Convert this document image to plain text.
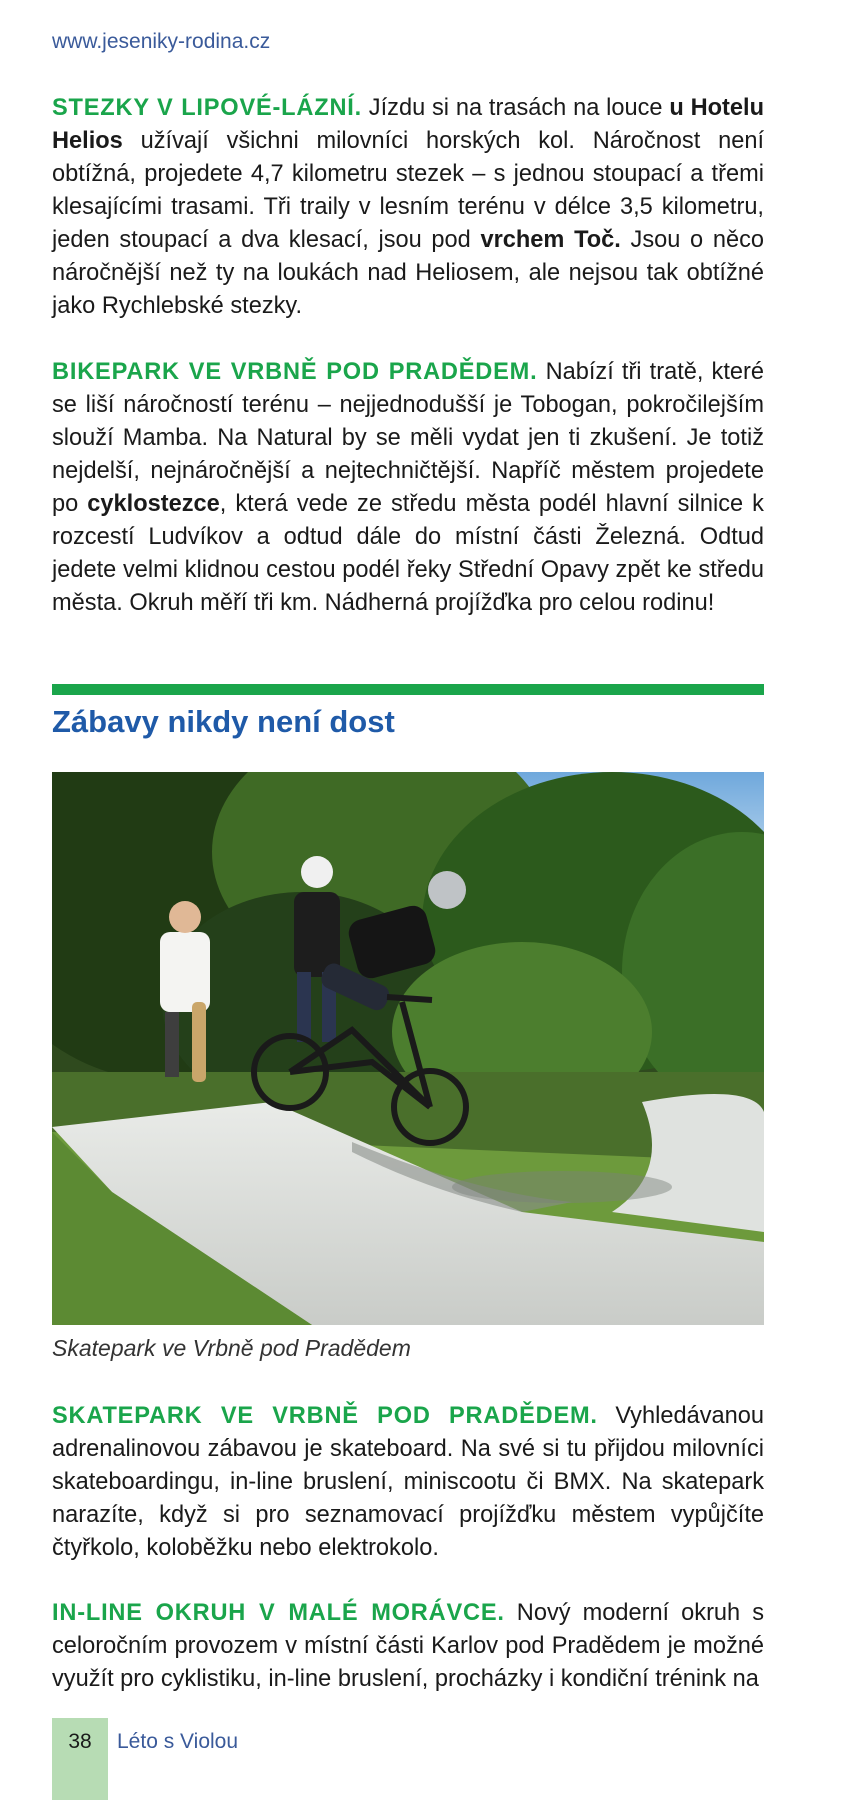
www.jeseniky-rodina.cz

STEZKY V LIPOVÉ-LÁZNÍ. Jízdu si na trasách na louce u Hotelu Helios užívají všichni milovníci horských kol. Náročnost není obtížná, projedete 4,7 kilometru stezek – s jednou stoupací a třemi klesajícími trasami. Tři traily v lesním terénu v délce 3,5 kilometru, jeden stoupací a dva klesací, jsou pod vrchem Toč. Jsou o něco náročnější než ty na loukách nad Heliosem, ale nejsou tak obtížné jako Rychlebské stezky.

BIKEPARK VE VRBNĚ POD PRADĚDEM. Nabízí tři tratě, které se liší náročností terénu – nejjednodušší je Tobogan, pokročilejším slouží Mamba. Na Natural by se měli vydat jen ti zkušení. Je totiž nejdelší, nejnáročnější a nejtechničtější. Napříč městem projedete po cyklostezce, která vede ze středu města podél hlavní silnice k rozcestí Ludvíkov a odtud dále do místní části Železná. Odtud jedete velmi klidnou cestou podél řeky Střední Opavy zpět ke středu města. Okruh měří tři km. Nádherná projížďka pro celou rodinu!

Zábavy nikdy není dost
Skatepark ve Vrbně pod Pradědem

SKATEPARK VE VRBNĚ POD PRADĚDEM. Vyhledávanou adrenalinovou zábavou je skateboard. Na své si tu přijdou milovníci skateboardingu, in-line bruslení, miniscootu či BMX. Na skatepark narazíte, když si pro seznamovací projížďku městem vypůjčíte čtyřkolo, koloběžku nebo elektrokolo.

IN-LINE OKRUH V MALÉ MORÁVCE. Nový moderní okruh s celoročním provozem v místní části Karlov pod Pradědem je možné využít pro cyklistiku, in-line bruslení, procházky i kondiční trénink na

38	Léto s Violou
